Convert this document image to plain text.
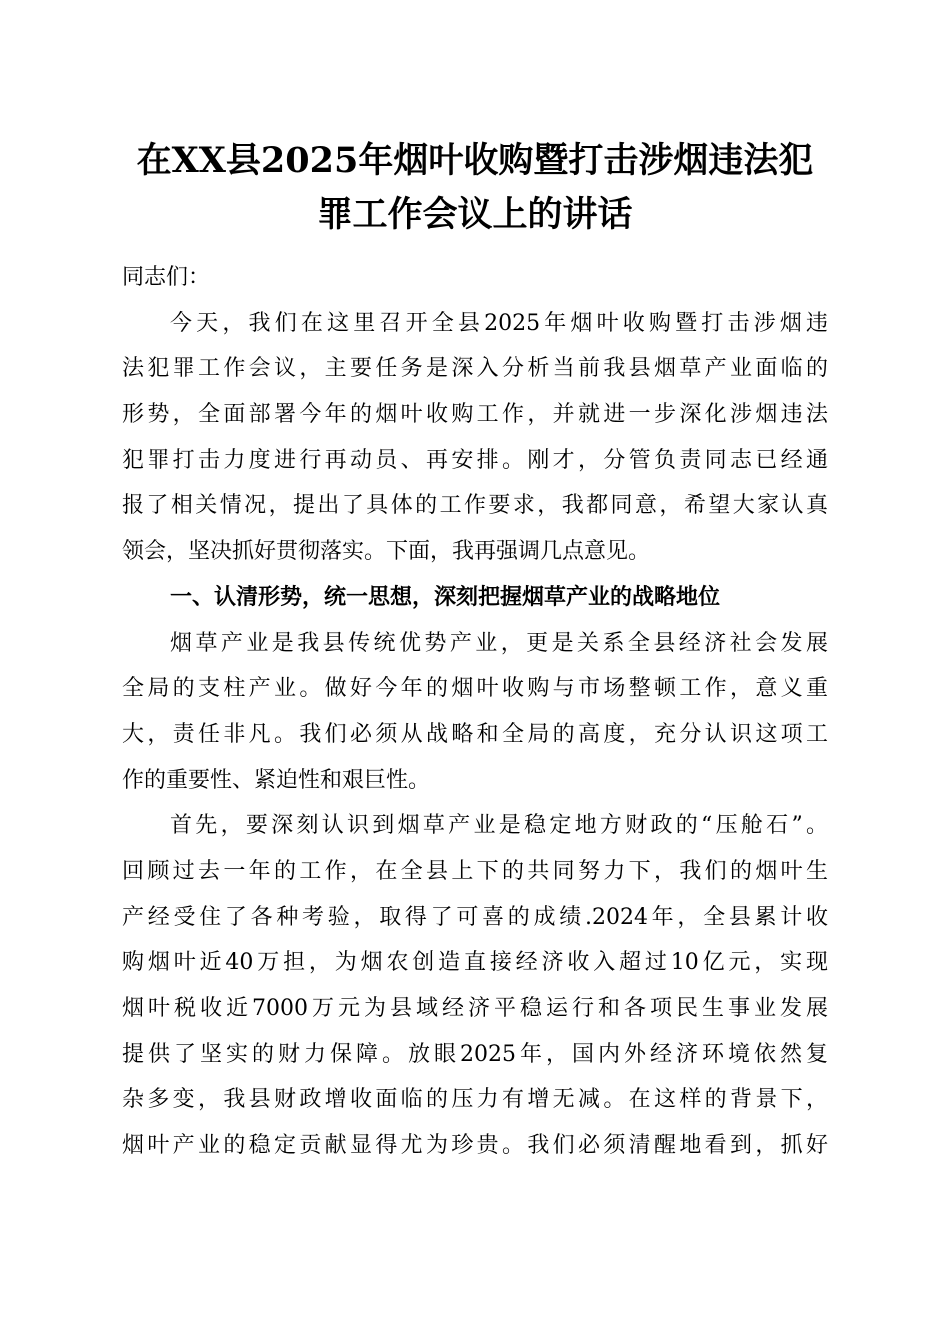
在XX县2025年烟叶收购暨打击涉烟违法犯
罪工作会议上的讲话
同志们：
今天，我们在这里召开全县2025年烟叶收购暨打击涉烟违
法犯罪工作会议，主要任务是深入分析当前我县烟草产业面临的
形势，全面部署今年的烟叶收购工作，并就进一步深化涉烟违法
犯罪打击力度进行再动员、再安排。刚才，分管负责同志已经通
报了相关情况，提出了具体的工作要求，我都同意，希望大家认真
领会，坚决抓好贯彻落实。下面，我再强调几点意见。
一、认清形势，统一思想，深刻把握烟草产业的战略地位
烟草产业是我县传统优势产业，更是关系全县经济社会发展
全局的支柱产业。做好今年的烟叶收购与市场整顿工作，意义重
大，责任非凡。我们必须从战略和全局的高度，充分认识这项工
作的重要性、紧迫性和艰巨性。
首先，要深刻认识到烟草产业是稳定地方财政的“压舱石”。
回顾过去一年的工作，在全县上下的共同努力下，我们的烟叶生
产经受住了各种考验，取得了可喜的成绩.2024年，全县累计收
购烟叶近40万担，为烟农创造直接经济收入超过10亿元，实现
烟叶税收近7000万元为县域经济平稳运行和各项民生事业发展
提供了坚实的财力保障。放眼2025年，国内外经济环境依然复
杂多变，我县财政增收面临的压力有增无减。在这样的背景下，
烟叶产业的稳定贡献显得尤为珍贵。我们必须清醒地看到，抓好
